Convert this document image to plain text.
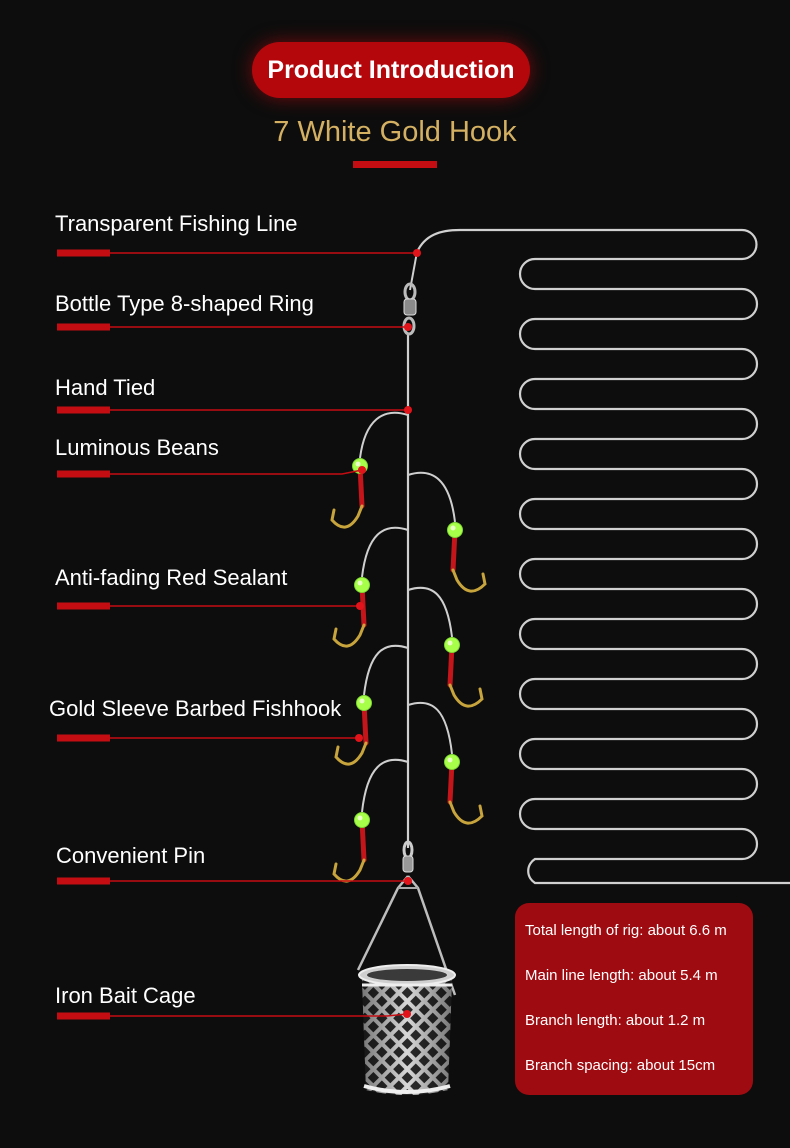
Product Introduction
7 White Gold Hook
Transparent Fishing Line
Bottle Type 8-shaped Ring
Hand Tied
Luminous Beans
Anti-fading Red Sealant
Gold Sleeve Barbed Fishhook
Convenient Pin
Iron Bait Cage
Total length of rig: about 6.6 m
Main line length: about 5.4 m
Branch length: about 1.2 m
Branch spacing: about 15cm
